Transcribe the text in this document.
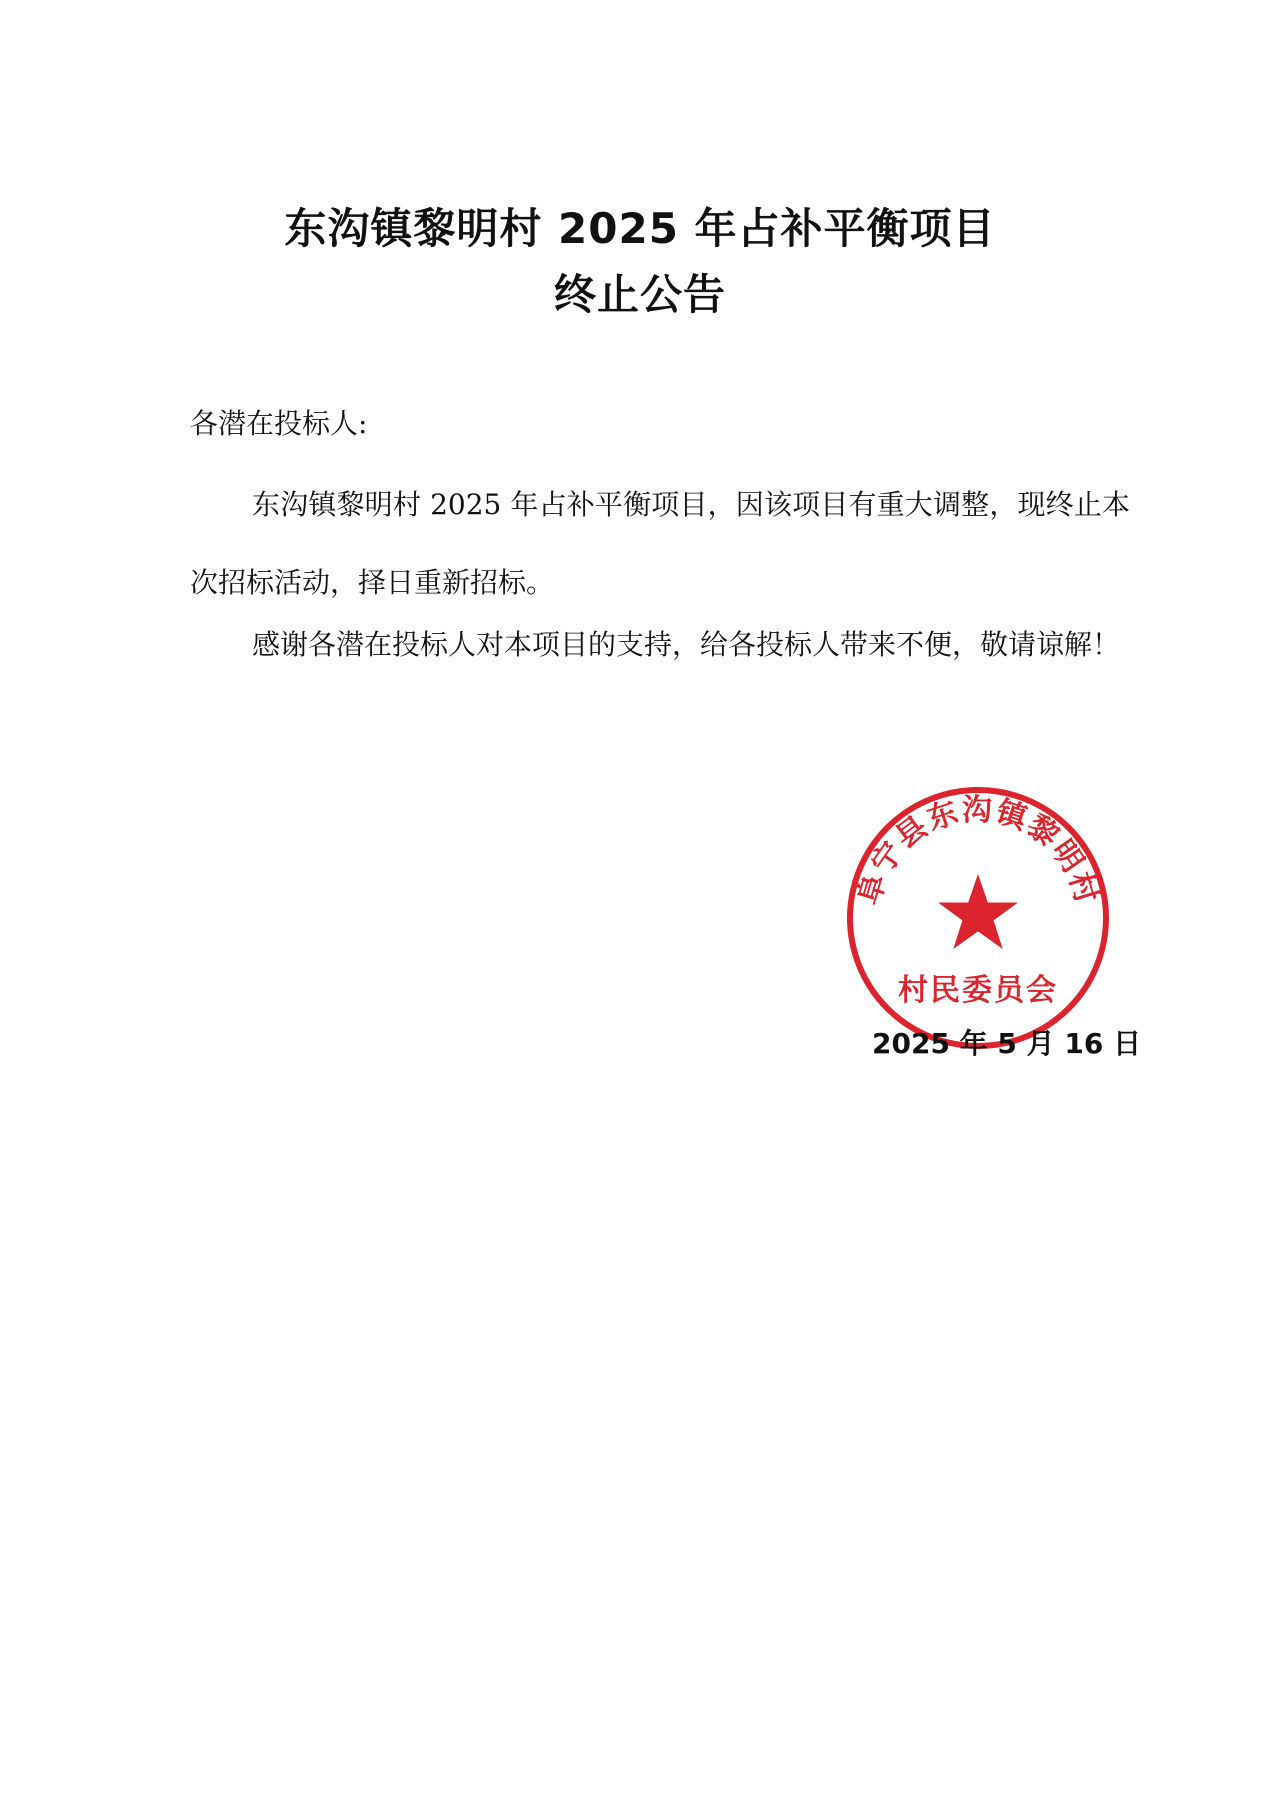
东沟镇黎明村 2025 年占补平衡项目
终止公告

各潜在投标人:

东沟镇黎明村 2025 年占补平衡项目，因该项目有重大调整，现终止本次招标活动，择日重新招标。

感谢各潜在投标人对本项目的支持，给各投标人带来不便，敬请谅解！

阜宁县东沟镇黎明村
村民委员会

2025 年 5 月 16 日
